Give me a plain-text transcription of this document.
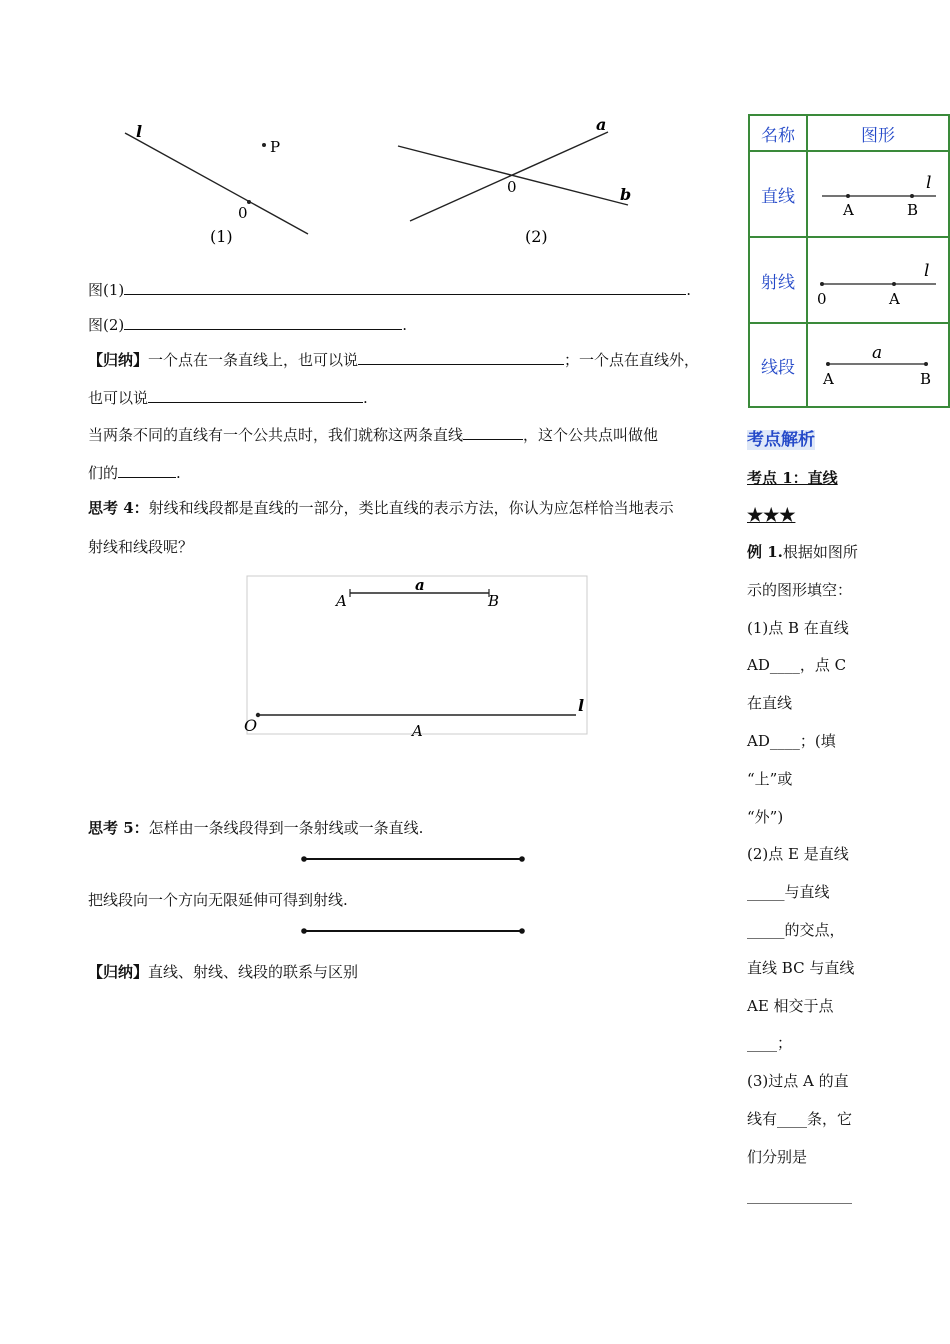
l
P
0
(1)
a
b
0
(2)
图(1)	.
图(2)	.
【归纳】一个点在一条直线上，也可以说	；一个点在直线外，
也可以说	.
当两条不同的直线有一个公共点时，我们就称这两条直线	，这个公共点叫做他
们的	.
思考 4：射线和线段都是直线的一部分，类比直线的表示方法，你认为应怎样恰当地表示
射线和线段呢？
a
A	B
O	A
l
思考 5：怎样由一条线段得到一条射线或一条直线.
把线段向一个方向无限延伸可得到射线.
【归纳】直线、射线、线段的联系与区别
名称	图形
直线	A B
l

射线	0 A
l

线段	A B
a
考点解析
考点 1：直线
★★★
例 1.根据如图所
示的图形填空：
(1)点 B 在直线
AD____，点 C
在直线
AD____；(填
“上”或
“外”)
(2)点 E 是直线
_____与直线
_____的交点，
直线 BC 与直线
AE 相交于点
____；
(3)过点 A 的直
线有____条，它
们分别是
______________
